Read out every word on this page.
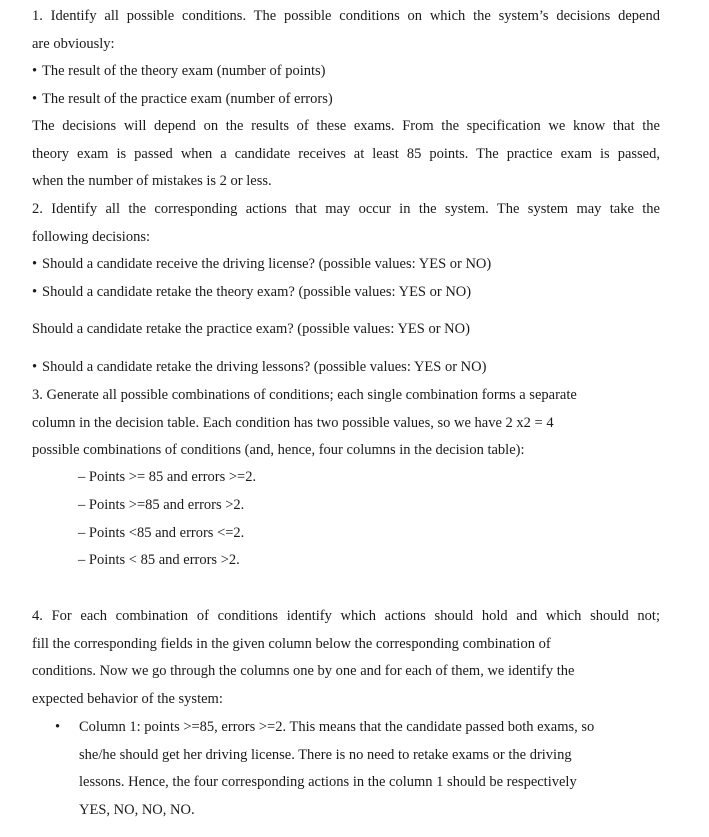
1. Identify all possible conditions. The possible conditions on which the system’s decisions depend
are obviously:
• The result of the theory exam (number of points)
• The result of the practice exam (number of errors)
The decisions will depend on the results of these exams. From the specification we know that the
theory exam is passed when a candidate receives at least 85 points. The practice exam is passed,
when the number of mistakes is 2 or less.
2. Identify all the corresponding actions that may occur in the system. The system may take the
following decisions:
• Should a candidate receive the driving license? (possible values: YES or NO)
• Should a candidate retake the theory exam? (possible values: YES or NO)
Should a candidate retake the practice exam? (possible values: YES or NO)
• Should a candidate retake the driving lessons? (possible values: YES or NO)
3. Generate all possible combinations of conditions; each single combination forms a separate
column in the decision table. Each condition has two possible values, so we have 2 x2 = 4
possible combinations of conditions (and, hence, four columns in the decision table):
– Points >= 85 and errors >=2.
– Points >=85 and errors >2.
– Points <85 and errors <=2.
– Points < 85 and errors >2.
4. For each combination of conditions identify which actions should hold and which should not;
fill the corresponding fields in the given column below the corresponding combination of
conditions. Now we go through the columns one by one and for each of them, we identify the
expected behavior of the system:
• Column 1: points >=85, errors >=2. This means that the candidate passed both exams, so
she/he should get her driving license. There is no need to retake exams or the driving
lessons. Hence, the four corresponding actions in the column 1 should be respectively
YES, NO, NO, NO.
